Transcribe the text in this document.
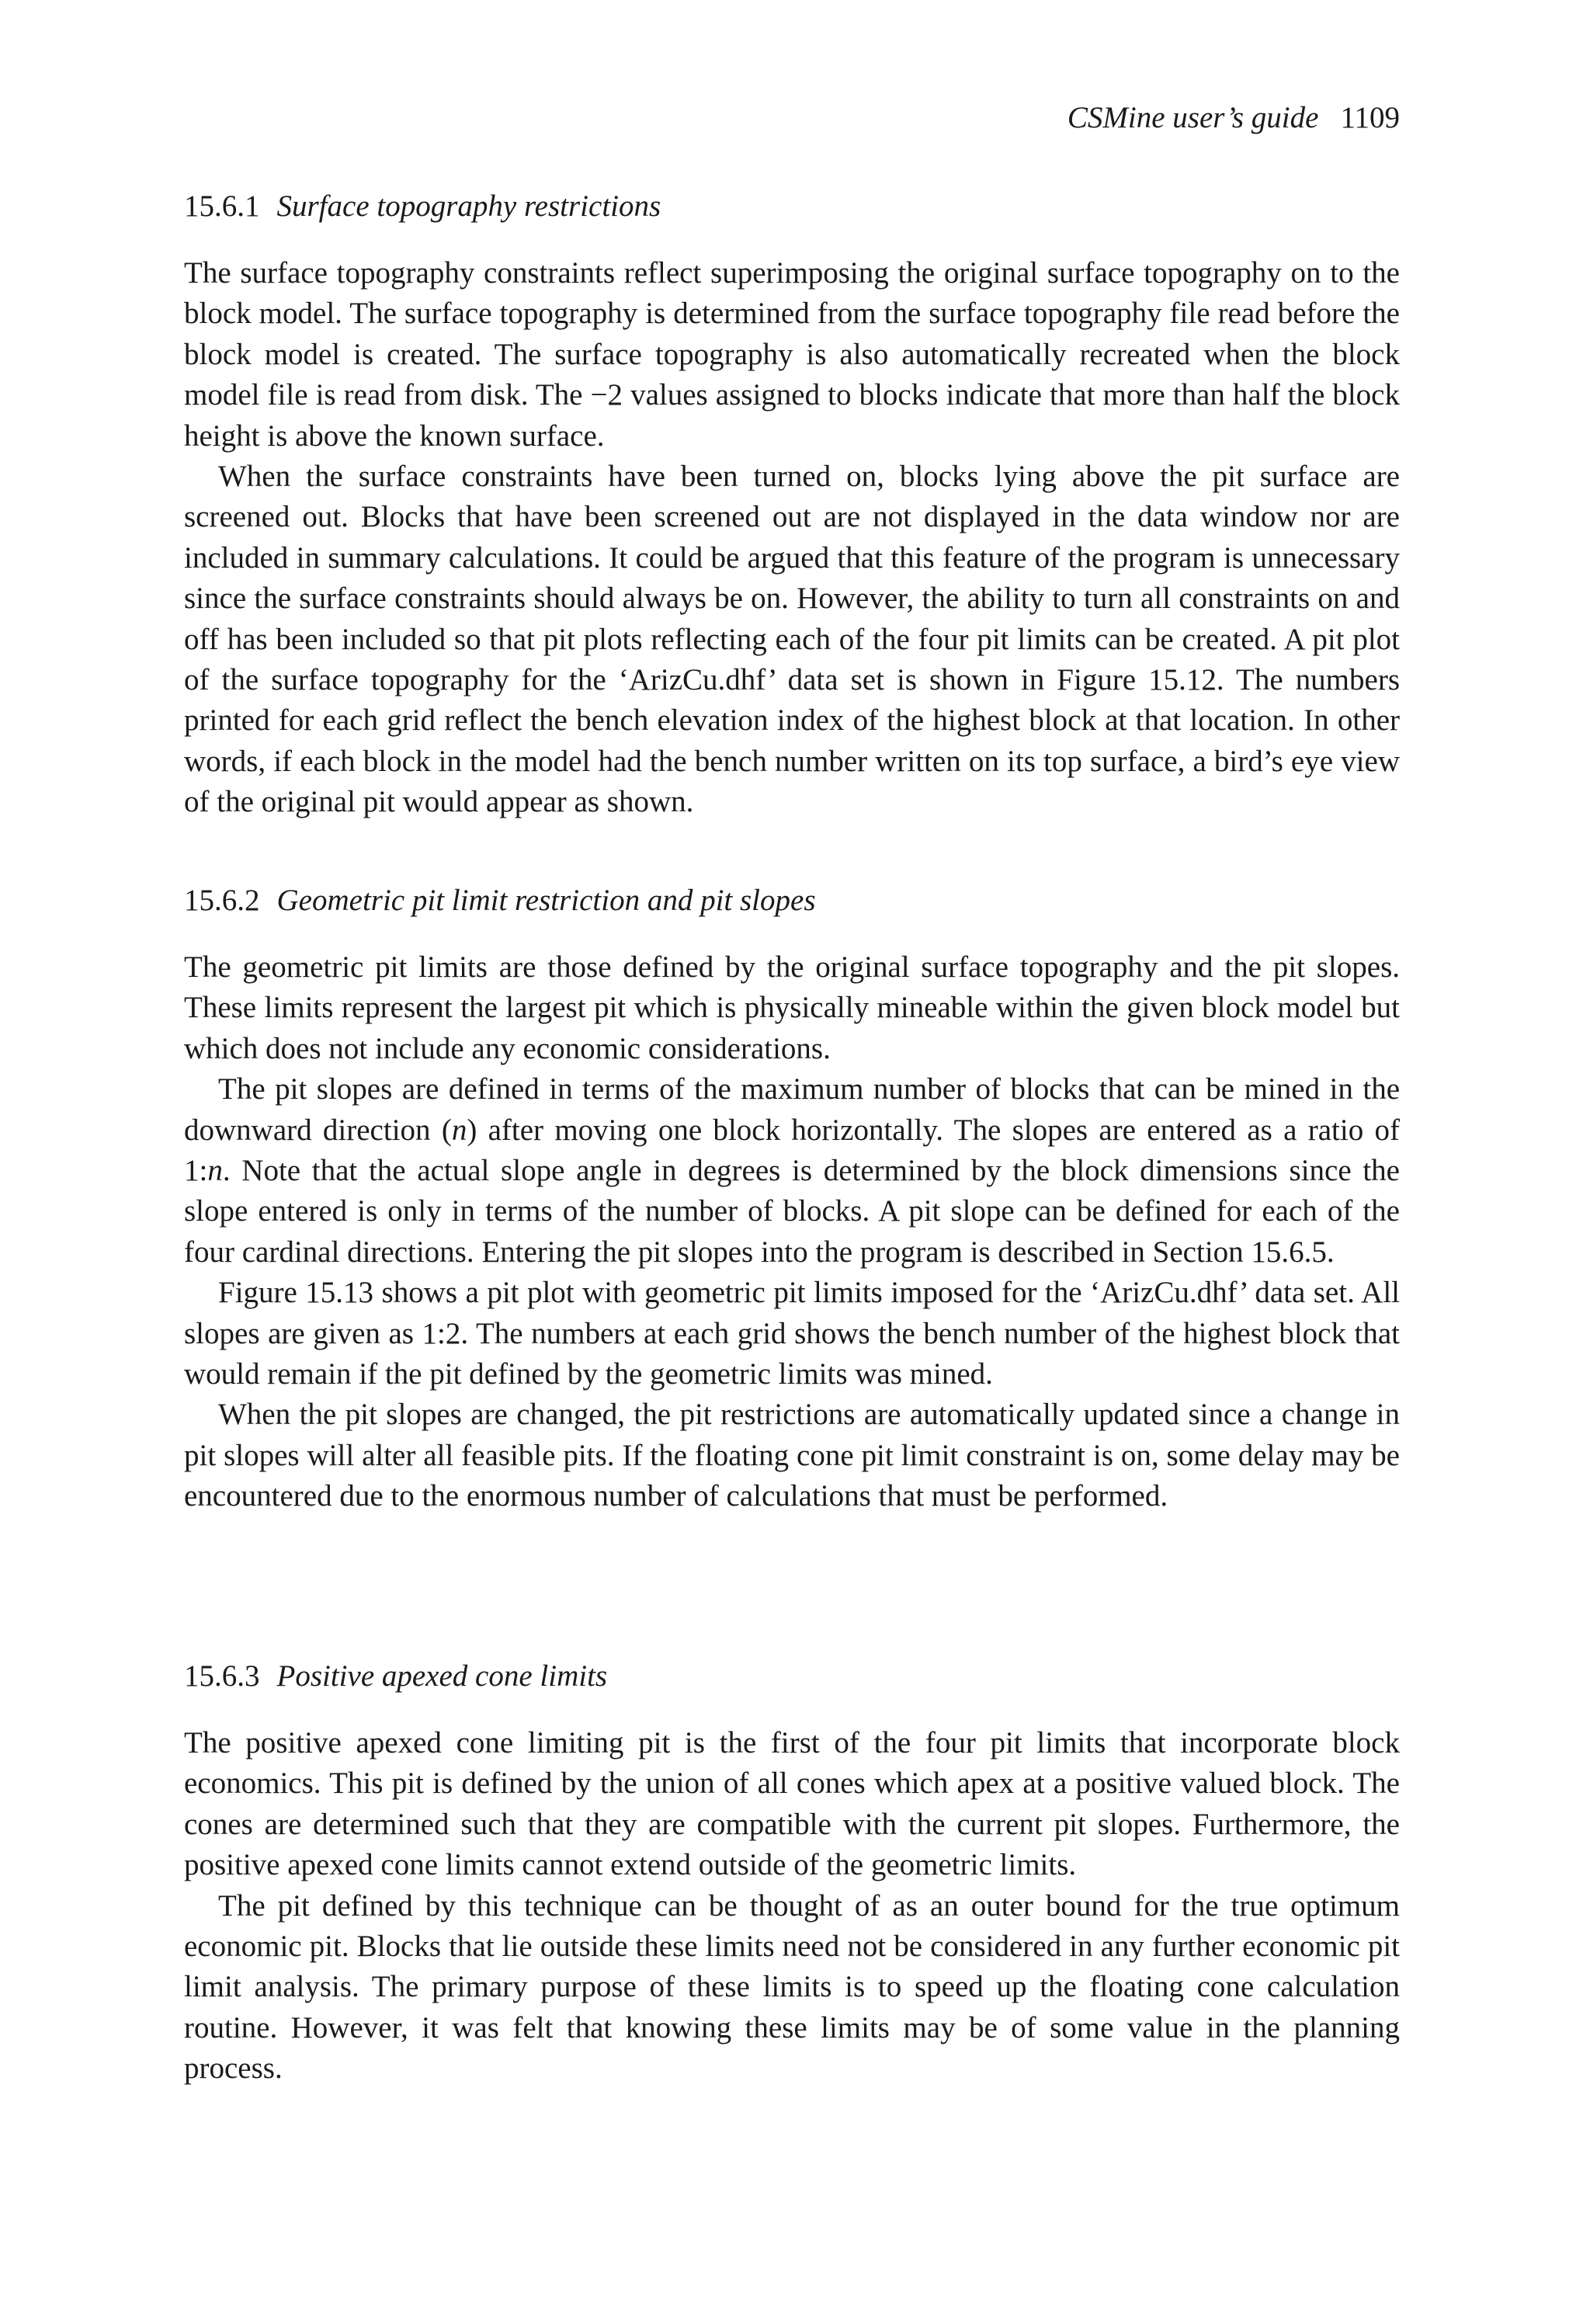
CSMine user’s guide 1109
15.6.1 Surface topography restrictions

The surface topography constraints reflect superimposing the original surface topography on to the block model. The surface topography is determined from the surface topography file read before the block model is created. The surface topography is also automatically recreated when the block model file is read from disk. The −2 values assigned to blocks indicate that more than half the block height is above the known surface.

When the surface constraints have been turned on, blocks lying above the pit surface are screened out. Blocks that have been screened out are not displayed in the data window nor are included in summary calculations. It could be argued that this feature of the program is unnecessary since the surface constraints should always be on. However, the ability to turn all constraints on and off has been included so that pit plots reflecting each of the four pit limits can be created. A pit plot of the surface topography for the ‘ArizCu.dhf’ data set is shown in Figure 15.12. The numbers printed for each grid reflect the bench elevation index of the highest block at that location. In other words, if each block in the model had the bench number written on its top surface, a bird’s eye view of the original pit would appear as shown.

15.6.2 Geometric pit limit restriction and pit slopes

The geometric pit limits are those defined by the original surface topography and the pit slopes. These limits represent the largest pit which is physically mineable within the given block model but which does not include any economic considerations.

The pit slopes are defined in terms of the maximum number of blocks that can be mined in the downward direction (n) after moving one block horizontally. The slopes are entered as a ratio of 1:n. Note that the actual slope angle in degrees is determined by the block dimensions since the slope entered is only in terms of the number of blocks. A pit slope can be defined for each of the four cardinal directions. Entering the pit slopes into the program is described in Section 15.6.5.

Figure 15.13 shows a pit plot with geometric pit limits imposed for the ‘ArizCu.dhf’ data set. All slopes are given as 1:2. The numbers at each grid shows the bench number of the highest block that would remain if the pit defined by the geometric limits was mined.

When the pit slopes are changed, the pit restrictions are automatically updated since a change in pit slopes will alter all feasible pits. If the floating cone pit limit constraint is on, some delay may be encountered due to the enormous number of calculations that must be performed.

15.6.3 Positive apexed cone limits

The positive apexed cone limiting pit is the first of the four pit limits that incorporate block economics. This pit is defined by the union of all cones which apex at a positive valued block. The cones are determined such that they are compatible with the current pit slopes. Furthermore, the positive apexed cone limits cannot extend outside of the geometric limits.

The pit defined by this technique can be thought of as an outer bound for the true optimum economic pit. Blocks that lie outside these limits need not be considered in any further economic pit limit analysis. The primary purpose of these limits is to speed up the floating cone calculation routine. However, it was felt that knowing these limits may be of some value in the planning process.
